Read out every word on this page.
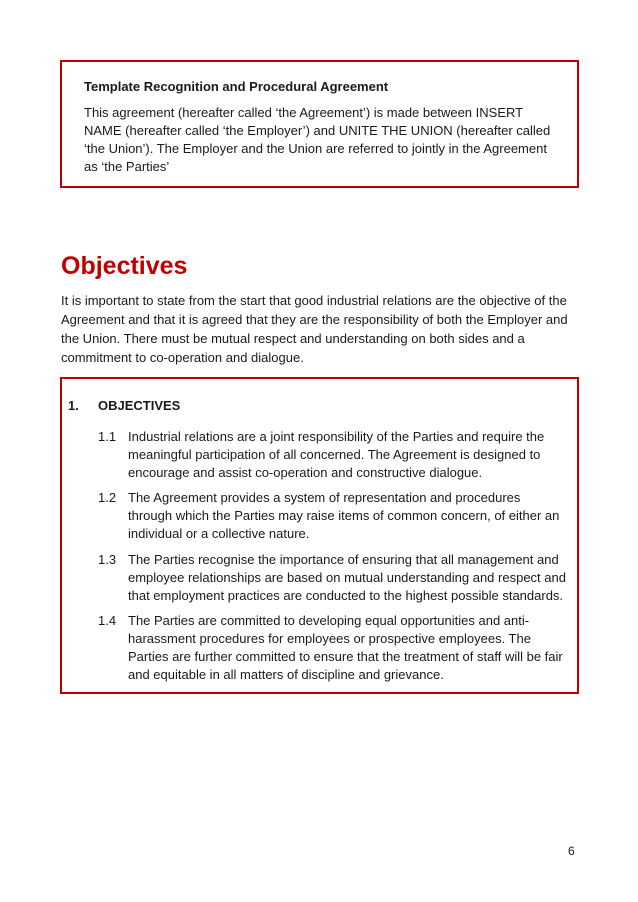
Template Recognition and Procedural Agreement

This agreement (hereafter called ‘the Agreement’) is made between INSERT NAME (hereafter called ‘the Employer’) and UNITE THE UNION (hereafter called ‘the Union’). The Employer and the Union are referred to jointly in the Agreement as ‘the Parties’

Objectives

It is important to state from the start that good industrial relations are the objective of the Agreement and that it is agreed that they are the responsibility of both the Employer and the Union. There must be mutual respect and understanding on both sides and a commitment to co-operation and dialogue.

1. OBJECTIVES
1.1 Industrial relations are a joint responsibility of the Parties and require the meaningful participation of all concerned. The Agreement is designed to encourage and assist co-operation and constructive dialogue.

1.2 The Agreement provides a system of representation and procedures through which the Parties may raise items of common concern, of either an individual or a collective nature.

1.3 The Parties recognise the importance of ensuring that all management and employee relationships are based on mutual understanding and respect and that employment practices are conducted to the highest possible standards.

1.4 The Parties are committed to developing equal opportunities and anti-harassment procedures for employees or prospective employees. The Parties are further committed to ensure that the treatment of staff will be fair and equitable in all matters of discipline and grievance.

6
